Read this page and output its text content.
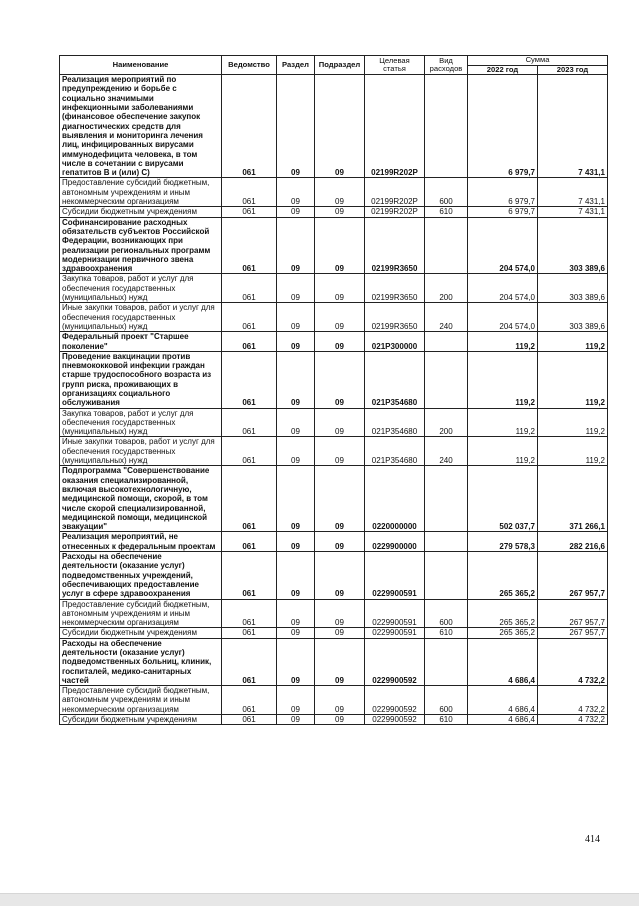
Наименование	Ведомство	Раздел	Подраздел	Целевая статья	Вид расходов	Сумма	
						2022 год	2023 год
Реализация мероприятий по предупреждению и борьбе с социально значимыми инфекционными заболеваниями (финансовое обеспечение закупок диагностических средств для выявления и мониторинга лечения лиц, инфицированных вирусами иммунодефицита человека, в том числе в сочетании с вирусами гепатитов B и (или) C)	061	09	09	02199R202P		6 979,7	7 431,1
Предоставление субсидий бюджетным, автономным учреждениям и иным некоммерческим организациям	061	09	09	02199R202P	600	6 979,7	7 431,1
Субсидии бюджетным учреждениям	061	09	09	02199R202P	610	6 979,7	7 431,1
Софинансирование расходных обязательств субъектов Российской Федерации, возникающих при реализации региональных программ модернизации первичного звена здравоохранения	061	09	09	02199R3650		204 574,0	303 389,6
Закупка товаров, работ и услуг для обеспечения государственных (муниципальных) нужд	061	09	09	02199R3650	200	204 574,0	303 389,6
Иные закупки товаров, работ и услуг для обеспечения государственных (муниципальных) нужд	061	09	09	02199R3650	240	204 574,0	303 389,6
Федеральный проект "Старшее поколение"	061	09	09	021P300000		119,2	119,2
Проведение вакцинации против пневмококковой инфекции граждан старше трудоспособного возраста из групп риска, проживающих в организациях социального обслуживания	061	09	09	021P354680		119,2	119,2
Закупка товаров, работ и услуг для обеспечения государственных (муниципальных) нужд	061	09	09	021P354680	200	119,2	119,2
Иные закупки товаров, работ и услуг для обеспечения государственных (муниципальных) нужд	061	09	09	021P354680	240	119,2	119,2
Подпрограмма "Совершенствование оказания специализированной, включая высокотехнологичную, медицинской помощи, скорой, в том числе скорой специализированной, медицинской помощи, медицинской эвакуации"	061	09	09	0220000000		502 037,7	371 266,1
Реализация мероприятий, не отнесенных к федеральным проектам	061	09	09	0229900000		279 578,3	282 216,6
Расходы на обеспечение деятельности (оказание услуг) подведомственных учреждений, обеспечивающих предоставление услуг в сфере здравоохранения	061	09	09	0229900591		265 365,2	267 957,7
Предоставление субсидий бюджетным, автономным учреждениям и иным некоммерческим организациям	061	09	09	0229900591	600	265 365,2	267 957,7
Субсидии бюджетным учреждениям	061	09	09	0229900591	610	265 365,2	267 957,7
Расходы на обеспечение деятельности (оказание услуг) подведомственных больниц, клиник, госпиталей, медико-санитарных частей	061	09	09	0229900592		4 686,4	4 732,2
Предоставление субсидий бюджетным, автономным учреждениям и иным некоммерческим организациям	061	09	09	0229900592	600	4 686,4	4 732,2
Субсидии бюджетным учреждениям	061	09	09	0229900592	610	4 686,4	4 732,2
414
